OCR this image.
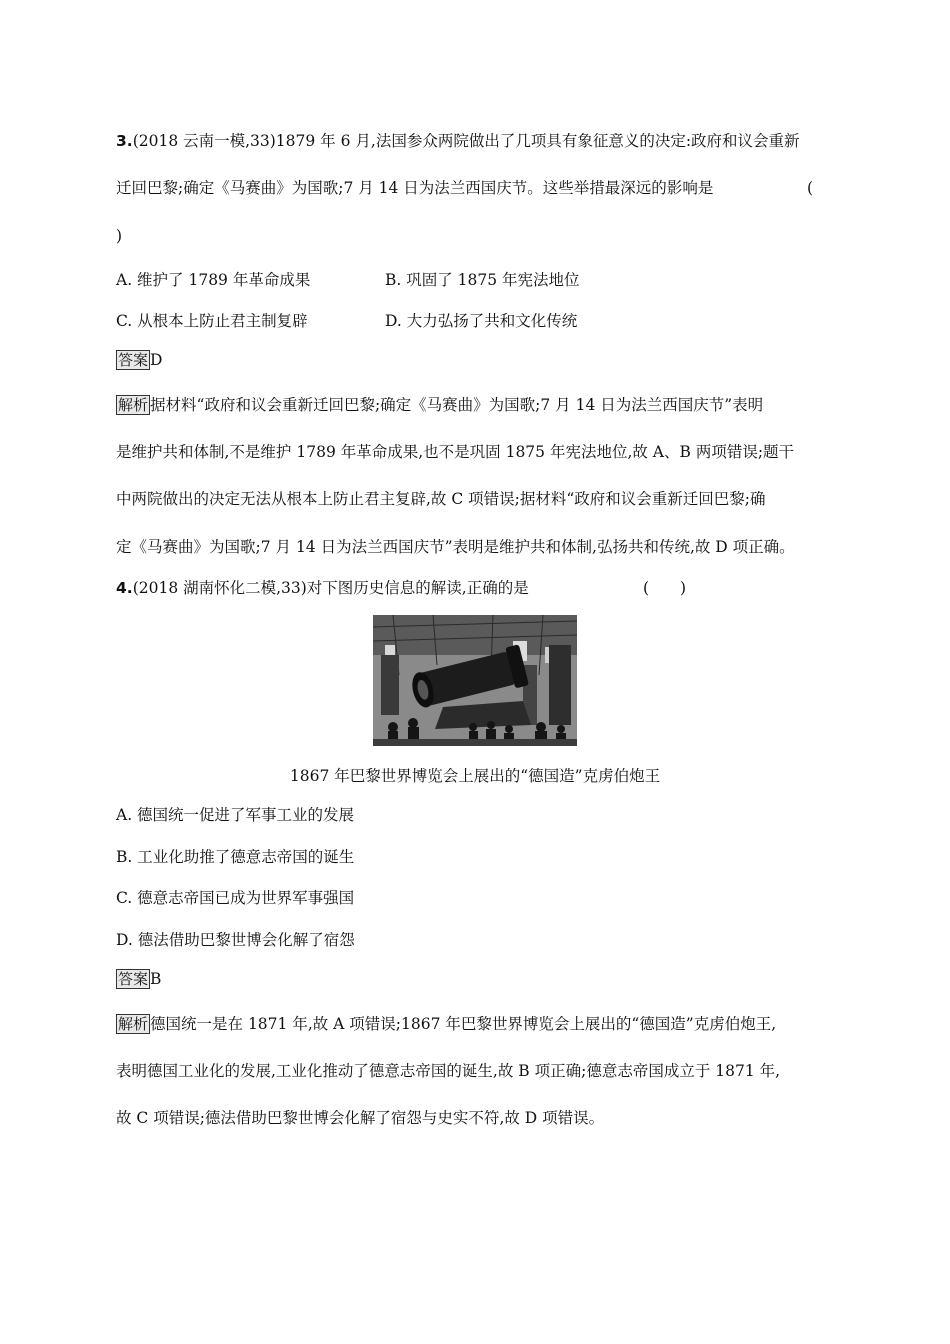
3.(2018 云南一模,33)1879 年 6 月,法国参众两院做出了几项具有象征意义的决定:政府和议会重新
迁回巴黎;确定《马赛曲》为国歌;7 月 14 日为法兰西国庆节。这些举措最深远的影响是	(
)
A. 维护了 1789 年革命成果	B. 巩固了 1875 年宪法地位
C. 从根本上防止君主制复辟	D. 大力弘扬了共和文化传统
答案 D
解析 据材料“政府和议会重新迁回巴黎;确定《马赛曲》为国歌;7 月 14 日为法兰西国庆节”表明
是维护共和体制,不是维护 1789 年革命成果,也不是巩固 1875 年宪法地位,故 A、B 两项错误;题干
中两院做出的决定无法从根本上防止君主复辟,故 C 项错误;据材料“政府和议会重新迁回巴黎;确
定《马赛曲》为国歌;7 月 14 日为法兰西国庆节”表明是维护共和体制,弘扬共和传统,故 D 项正确。
4.(2018 湖南怀化二模,33)对下图历史信息的解读,正确的是	(　　)
1867 年巴黎世界博览会上展出的“德国造”克虏伯炮王
A. 德国统一促进了军事工业的发展
B. 工业化助推了德意志帝国的诞生
C. 德意志帝国已成为世界军事强国
D. 德法借助巴黎世博会化解了宿怨
答案 B
解析 德国统一是在 1871 年,故 A 项错误;1867 年巴黎世界博览会上展出的“德国造”克虏伯炮王,
表明德国工业化的发展,工业化推动了德意志帝国的诞生,故 B 项正确;德意志帝国成立于 1871 年,
故 C 项错误;德法借助巴黎世博会化解了宿怨与史实不符,故 D 项错误。
